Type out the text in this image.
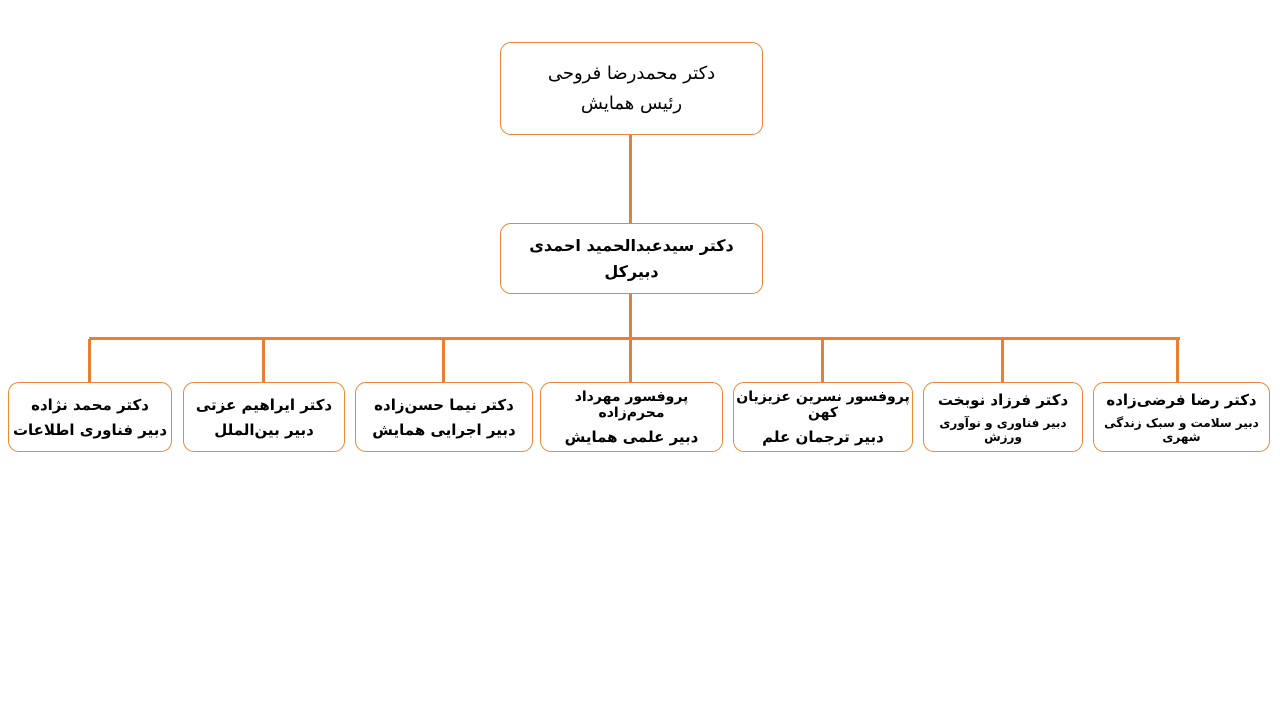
دکتر محمدرضا فروحی
رئیس همایش
دکتر سیدعبدالحمید احمدی
دبیرکل
دکتر محمد نژاده
دبیر فناوری اطلاعات
دکتر ایراهیم عزتی
دبیر بین‌الملل
دکتر نیما حسن‌زاده
دبیر اجرایی همایش
پروفسور مهرداد محرم‌زاده
دبیر علمی همایش
پروفسور نسرین عزیزیان کهن
دبیر ترجمان علم
دکتر فرزاد نوبخت
دبیر فناوری و نوآوری ورزش
دکتر رضا فرضی‌زاده
دبیر سلامت و سبک زندگی شهری
